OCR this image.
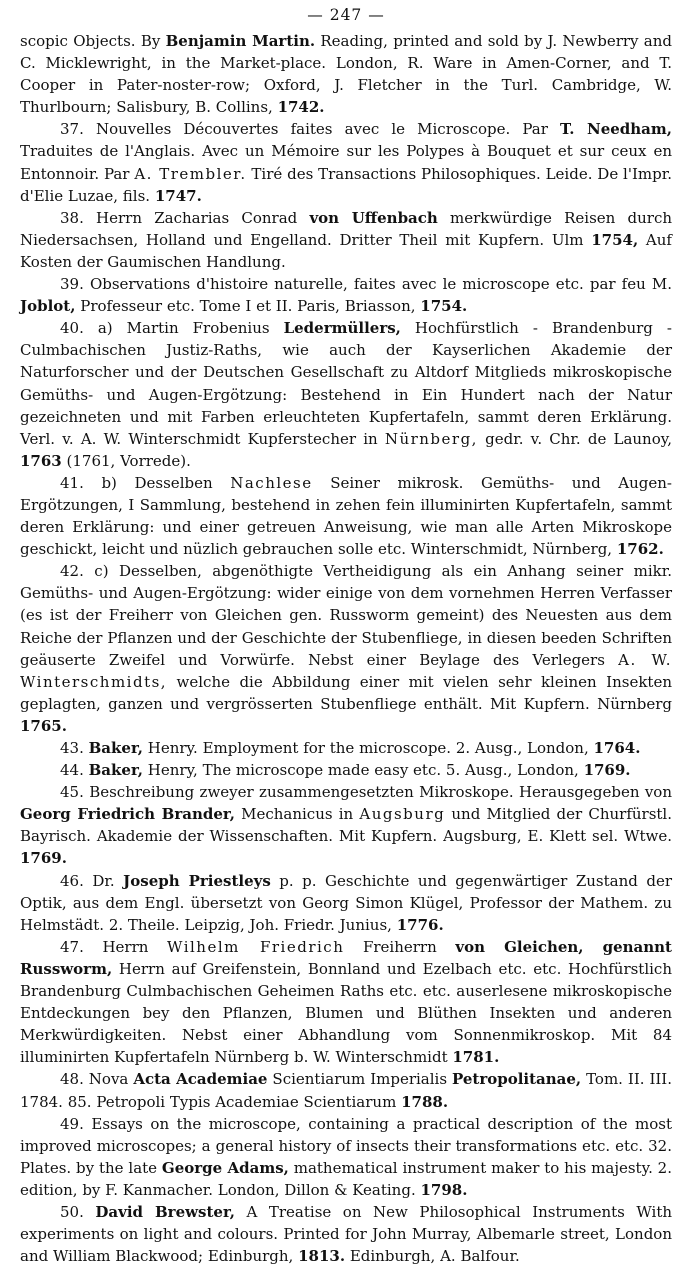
— 247 —

scopic Objects. By Benjamin Martin. Reading, printed and sold by J. Newberry and C. Micklewright, in the Market-place. London, R. Ware in Amen-Corner, and T. Cooper in Pater-noster-row; Oxford, J. Fletcher in the Turl. Cambridge, W. Thurlbourn; Salisbury, B. Collins, 1742.

37. Nouvelles Découvertes faites avec le Microscope. Par T. Needham, Traduites de l'Anglais. Avec un Mémoire sur les Polypes à Bouquet et sur ceux en Entonnoir. Par A. Trembler. Tiré des Transactions Philosophiques. Leide. De l'Impr. d'Elie Luzae, fils. 1747.

38. Herrn Zacharias Conrad von Uffenbach merkwürdige Reisen durch Niedersachsen, Holland und Engelland. Dritter Theil mit Kupfern. Ulm 1754, Auf Kosten der Gaumischen Handlung.

39. Observations d'histoire naturelle, faites avec le microscope etc. par feu M. Joblot, Professeur etc. Tome I et II. Paris, Briasson, 1754.

40. a) Martin Frobenius Ledermüllers, Hochfürstlich - Brandenburg - Culmbachischen Justiz-Raths, wie auch der Kayserlichen Akademie der Naturforscher und der Deutschen Gesellschaft zu Altdorf Mitglieds mikroskopische Gemüths- und Augen-Ergötzung: Bestehend in Ein Hundert nach der Natur gezeichneten und mit Farben erleuchteten Kupfertafeln, sammt deren Erklärung. Verl. v. A. W. Winterschmidt Kupferstecher in Nürnberg, gedr. v. Chr. de Launoy, 1763 (1761, Vorrede).

41. b) Desselben Nachlese Seiner mikrosk. Gemüths- und Augen-Ergötzungen, I Sammlung, bestehend in zehen fein illuminirten Kupfertafeln, sammt deren Erklärung: und einer getreuen Anweisung, wie man alle Arten Mikroskope geschickt, leicht und nüzlich gebrauchen solle etc. Winterschmidt, Nürnberg, 1762.

42. c) Desselben, abgenöthigte Vertheidigung als ein Anhang seiner mikr. Gemüths- und Augen-Ergötzung: wider einige von dem vornehmen Herren Verfasser (es ist der Freiherr von Gleichen gen. Russworm gemeint) des Neuesten aus dem Reiche der Pflanzen und der Geschichte der Stubenfliege, in diesen beeden Schriften geäuserte Zweifel und Vorwürfe. Nebst einer Beylage des Verlegers A. W. Winterschmidts, welche die Abbildung einer mit vielen sehr kleinen Insekten geplagten, ganzen und vergrösserten Stubenfliege enthält. Mit Kupfern. Nürnberg 1765.

43. Baker, Henry. Employment for the microscope. 2. Ausg., London, 1764.

44. Baker, Henry, The microscope made easy etc. 5. Ausg., London, 1769.

45. Beschreibung zweyer zusammengesetzten Mikroskope. Herausgegeben von Georg Friedrich Brander, Mechanicus in Augsburg und Mitglied der Churfürstl. Bayrisch. Akademie der Wissenschaften. Mit Kupfern. Augsburg, E. Klett sel. Wtwe. 1769.

46. Dr. Joseph Priestleys p. p. Geschichte und gegenwärtiger Zustand der Optik, aus dem Engl. übersetzt von Georg Simon Klügel, Professor der Mathem. zu Helmstädt. 2. Theile. Leipzig, Joh. Friedr. Junius, 1776.

47. Herrn Wilhelm Friedrich Freiherrn von Gleichen, genannt Russworm, Herrn auf Greifenstein, Bonnland und Ezelbach etc. etc. Hochfürstlich Brandenburg Culmbachischen Geheimen Raths etc. etc. auserlesene mikroskopische Entdeckungen bey den Pflanzen, Blumen und Blüthen Insekten und anderen Merkwürdigkeiten. Nebst einer Abhandlung vom Sonnenmikroskop. Mit 84 illuminirten Kupfertafeln Nürnberg b. W. Winterschmidt 1781.

48. Nova Acta Academiae Scientiarum Imperialis Petropolitanae, Tom. II. III. 1784. 85. Petropoli Typis Academiae Scientiarum 1788.

49. Essays on the microscope, containing a practical description of the most improved microscopes; a general history of insects their transformations etc. etc. 32. Plates. by the late George Adams, mathematical instrument maker to his majesty. 2. edition, by F. Kanmacher. London, Dillon & Keating. 1798.

50. David Brewster, A Treatise on New Philosophical Instruments With experiments on light and colours. Printed for John Murray, Albemarle street, London and William Blackwood; Edinburgh, 1813. Edinburgh, A. Balfour.
